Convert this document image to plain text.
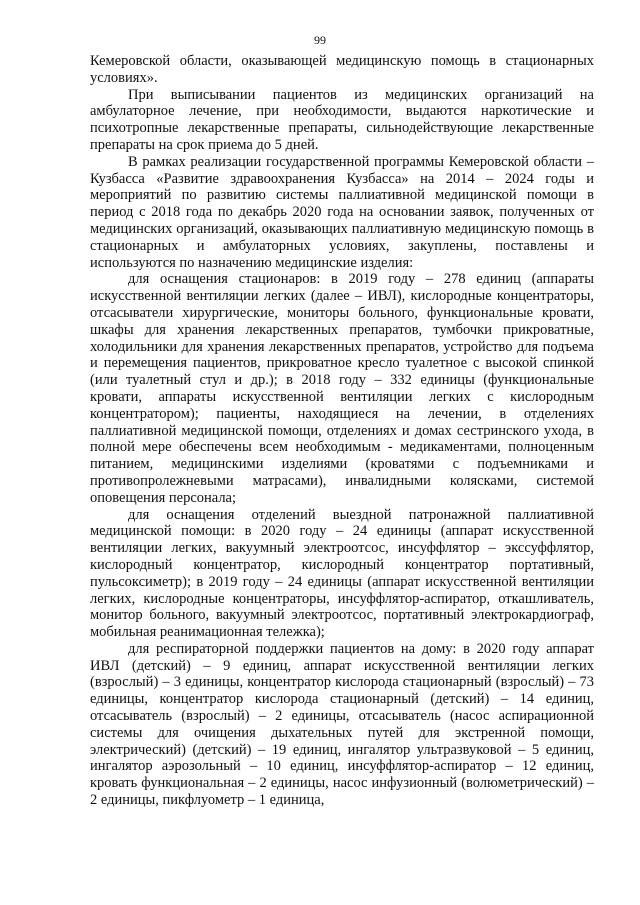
99

Кемеровской области, оказывающей медицинскую помощь в стационарных условиях».

При выписывании пациентов из медицинских организаций на амбулаторное лечение, при необходимости, выдаются наркотические и психотропные лекарственные препараты, сильнодействующие лекарственные препараты на срок приема до 5 дней.

В рамках реализации государственной программы Кемеровской области – Кузбасса «Развитие здравоохранения Кузбасса» на 2014 – 2024 годы и мероприятий по развитию системы паллиативной медицинской помощи в период с 2018 года по декабрь 2020 года на основании заявок, полученных от медицинских организаций, оказывающих паллиативную медицинскую помощь в стационарных и амбулаторных условиях, закуплены, поставлены и используются по назначению медицинские изделия:

для оснащения стационаров: в 2019 году – 278 единиц (аппараты искусственной вентиляции легких (далее – ИВЛ), кислородные концентраторы, отсасыватели хирургические, мониторы больного, функциональные кровати, шкафы для хранения лекарственных препаратов, тумбочки прикроватные, холодильники для хранения лекарственных препаратов, устройство для подъема и перемещения пациентов, прикроватное кресло туалетное с высокой спинкой (или туалетный стул и др.); в 2018 году – 332 единицы (функциональные кровати, аппараты искусственной вентиляции легких с кислородным концентратором); пациенты, находящиеся на лечении, в отделениях паллиативной медицинской помощи, отделениях и домах сестринского ухода, в полной мере обеспечены всем необходимым - медикаментами, полноценным питанием, медицинскими изделиями (кроватями с подъемниками и противопролежневыми матрасами), инвалидными колясками, системой оповещения персонала;

для оснащения отделений выездной патронажной паллиативной медицинской помощи: в 2020 году – 24 единицы (аппарат искусственной вентиляции легких, вакуумный электроотсос, инсуффлятор – экссуффлятор, кислородный концентратор, кислородный концентратор портативный, пульсоксиметр); в 2019 году – 24 единицы (аппарат искусственной вентиляции легких, кислородные концентраторы, инсуффлятор-аспиратор, откашливатель, монитор больного, вакуумный электроотсос, портативный электрокардиограф, мобильная реанимационная тележка);

для респираторной поддержки пациентов на дому: в 2020 году аппарат ИВЛ (детский) – 9 единиц, аппарат искусственной вентиляции легких (взрослый) – 3 единицы, концентратор кислорода стационарный (взрослый) – 73 единицы, концентратор кислорода стационарный (детский) – 14 единиц, отсасыватель (взрослый) – 2 единицы, отсасыватель (насос аспирационной системы для очищения дыхательных путей для экстренной помощи, электрический) (детский) – 19 единиц, ингалятор ультразвуковой – 5 единиц, ингалятор аэрозольный – 10 единиц, инсуффлятор-аспиратор – 12 единиц, кровать функциональная – 2 единицы, насос инфузионный (волюметрический) – 2 единицы, пикфлуометр – 1 единица,
